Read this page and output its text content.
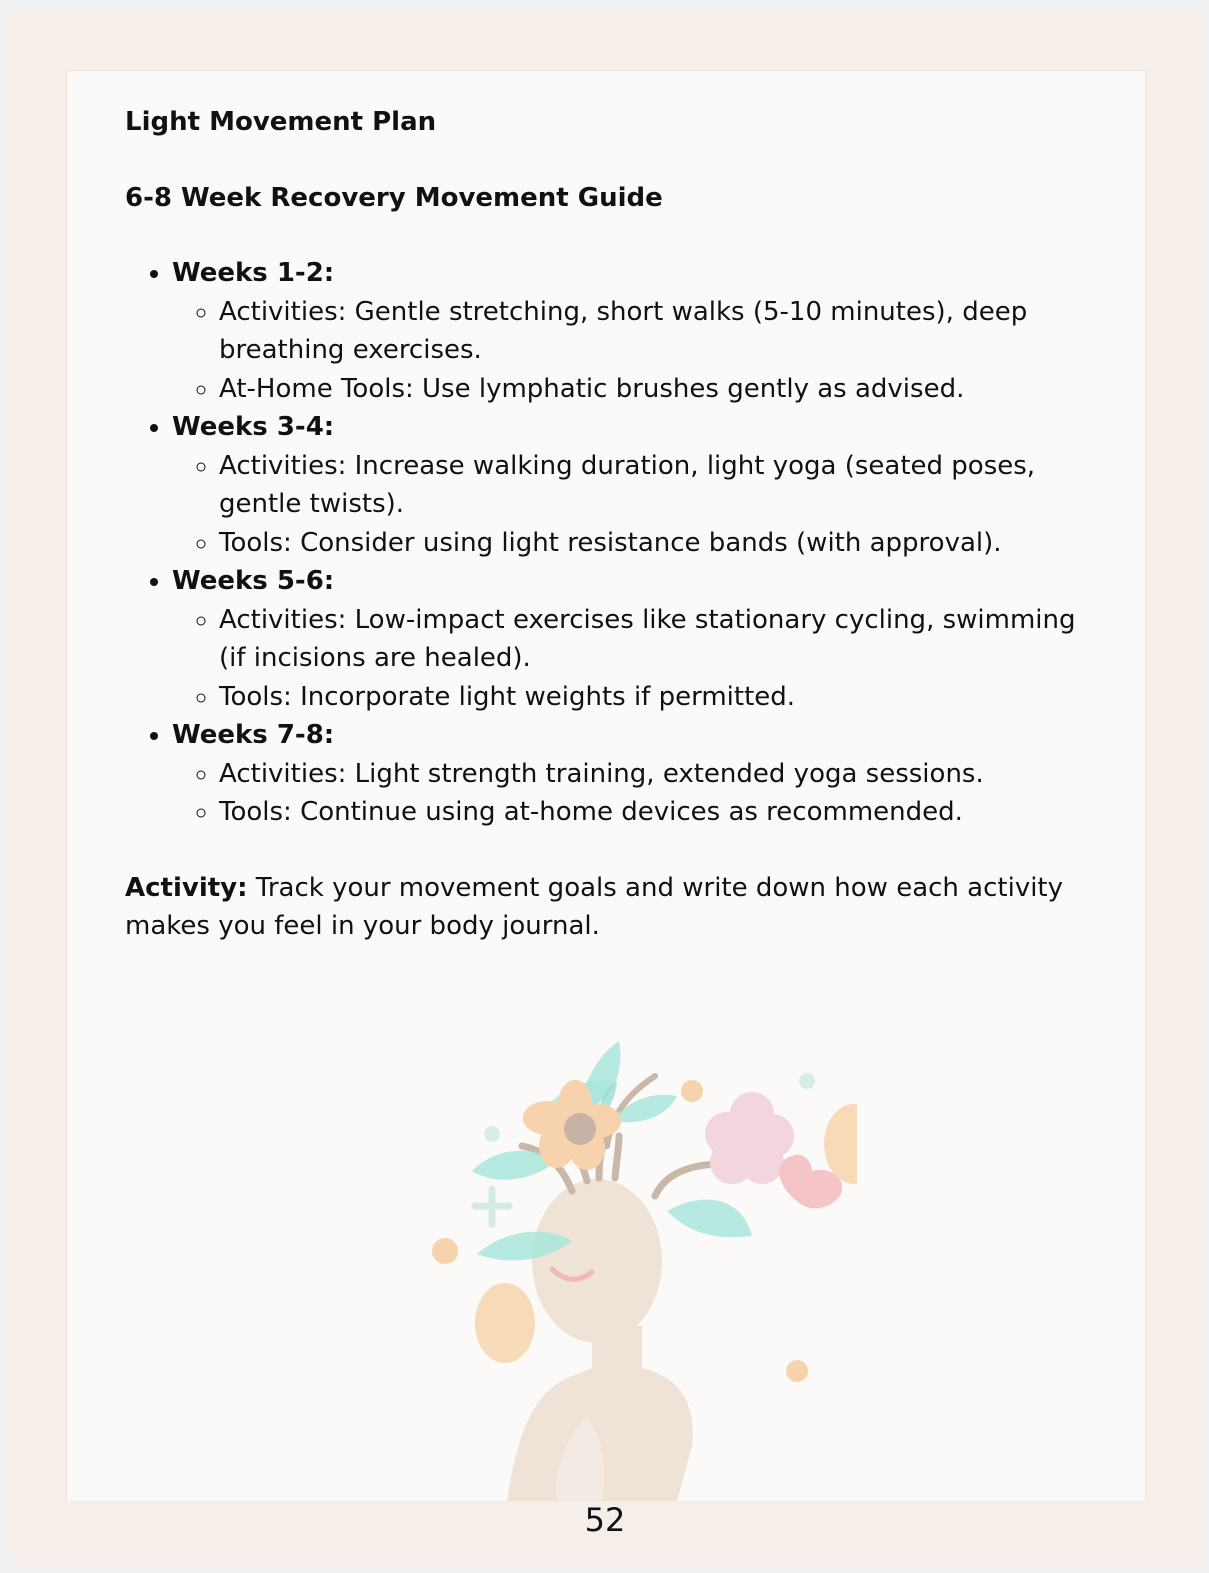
Light Movement Plan
6-8 Week Recovery Movement Guide
• Weeks 1-2:
◦ Activities: Gentle stretching, short walks (5-10 minutes), deep breathing exercises.
◦ At-Home Tools: Use lymphatic brushes gently as advised.
• Weeks 3-4:
◦ Activities: Increase walking duration, light yoga (seated poses, gentle twists).
◦ Tools: Consider using light resistance bands (with approval).
• Weeks 5-6:
◦ Activities: Low-impact exercises like stationary cycling, swimming (if incisions are healed).
◦ Tools: Incorporate light weights if permitted.
• Weeks 7-8:
◦ Activities: Light strength training, extended yoga sessions.
◦ Tools: Continue using at-home devices as recommended.

Activity: Track your movement goals and write down how each activity makes you feel in your body journal.

52
